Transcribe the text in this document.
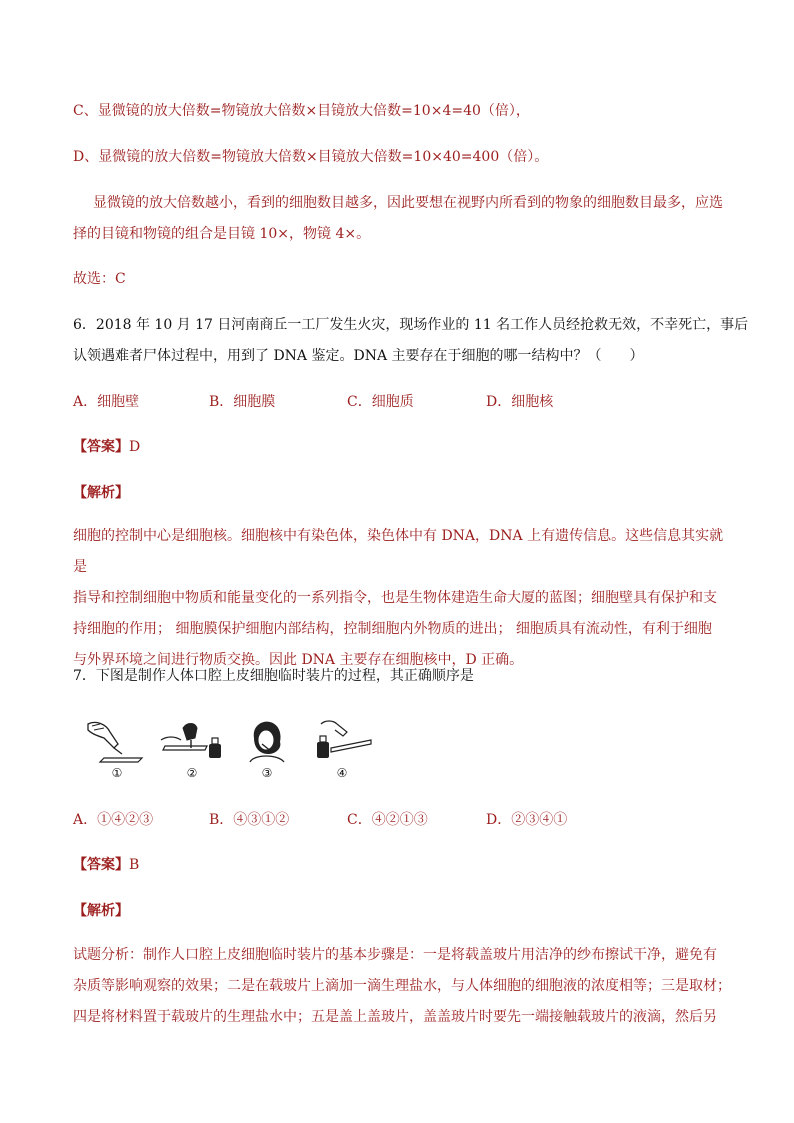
C、显微镜的放大倍数=物镜放大倍数×目镜放大倍数=10×4=40（倍），
D、显微镜的放大倍数=物镜放大倍数×目镜放大倍数=10×40=400（倍）。
显微镜的放大倍数越小，看到的细胞数目越多，因此要想在视野内所看到的物象的细胞数目最多，应选
择的目镜和物镜的组合是目镜 10×，物镜 4×。
故选：C
6．2018 年 10 月 17 日河南商丘一工厂发生火灾，现场作业的 11 名工作人员经抢救无效，不幸死亡，事后
认领遇难者尸体过程中，用到了 DNA 鉴定。DNA 主要存在于细胞的哪一结构中？（　　）
A．细胞壁	B．细胞膜	C．细胞质	D．细胞核
【答案】D
【解析】
细胞的控制中心是细胞核。细胞核中有染色体，染色体中有 DNA，DNA 上有遗传信息。这些信息其实就是
指导和控制细胞中物质和能量变化的一系列指令，也是生物体建造生命大厦的蓝图；细胞壁具有保护和支
持细胞的作用； 细胞膜保护细胞内部结构，控制细胞内外物质的进出； 细胞质具有流动性，有利于细胞
与外界环境之间进行物质交换。因此 DNA 主要存在细胞核中，D 正确。
7．下图是制作人体口腔上皮细胞临时装片的过程，其正确顺序是
①	②	③	④
A．①④②③	B．④③①②	C．④②①③	D．②③④①
【答案】B
【解析】
试题分析：制作人口腔上皮细胞临时装片的基本步骤是：一是将载盖玻片用洁净的纱布擦试干净，避免有
杂质等影响观察的效果；二是在载玻片上滴加一滴生理盐水，与人体细胞的细胞液的浓度相等；三是取材；
四是将材料置于载玻片的生理盐水中；五是盖上盖玻片，盖盖玻片时要先一端接触载玻片的液滴，然后另
